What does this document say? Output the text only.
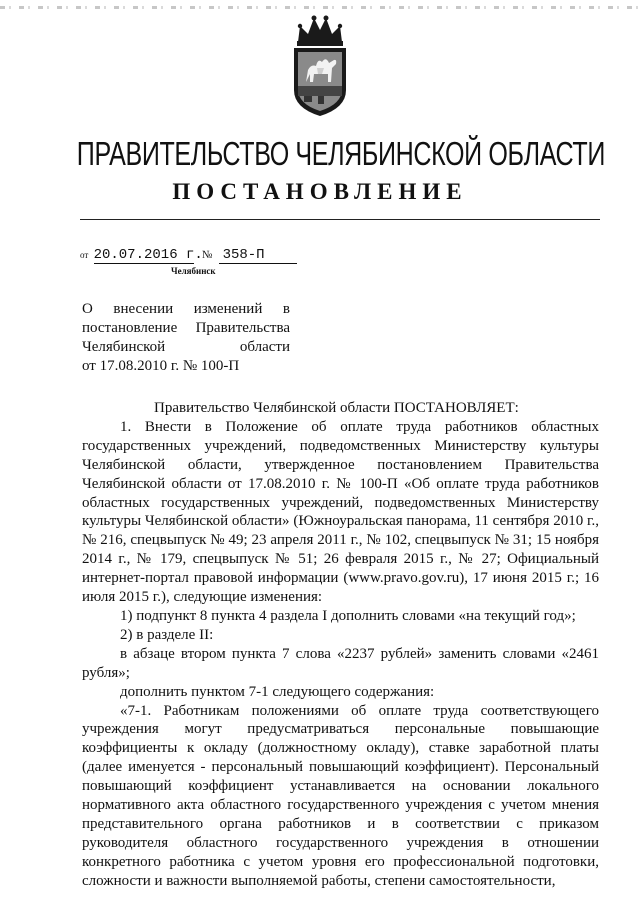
ПРАВИТЕЛЬСТВО ЧЕЛЯБИНСКОЙ ОБЛАСТИ
ПОСТАНОВЛЕНИЕ
от 20.07.2016 г. № 358-П
Челябинск
О внесении изменений в
постановление Правительства
Челябинской области
от 17.08.2010 г. № 100-П

Правительство Челябинской области ПОСТАНОВЛЯЕТ:

1. Внести в Положение об оплате труда работников областных государственных учреждений, подведомственных Министерству культуры Челябинской области, утвержденное постановлением Правительства Челябинской области от 17.08.2010 г. № 100-П «Об оплате труда работников областных государственных учреждений, подведомственных Министерству культуры Челябинской области» (Южноуральская панорама, 11 сентября 2010 г., № 216, спецвыпуск № 49; 23 апреля 2011 г., № 102, спецвыпуск № 31; 15 ноября 2014 г., № 179, спецвыпуск № 51; 26 февраля 2015 г., № 27; Официальный интернет-портал правовой информации (www.pravo.gov.ru), 17 июня 2015 г.; 16 июля 2015 г.), следующие изменения:

1) подпункт 8 пункта 4 раздела I дополнить словами «на текущий год»;

2) в разделе II:

в абзаце втором пункта 7 слова «2237 рублей» заменить словами «2461 рубля»;

дополнить пунктом 7-1 следующего содержания:

«7-1. Работникам положениями об оплате труда соответствующего учреждения могут предусматриваться персональные повышающие коэффициенты к окладу (должностному окладу), ставке заработной платы (далее именуется - персональный повышающий коэффициент). Персональный повышающий коэффициент устанавливается на основании локального нормативного акта областного государственного учреждения с учетом мнения представительного органа работников и в соответствии с приказом руководителя областного государственного учреждения в отношении конкретного работника с учетом уровня его профессиональной подготовки, сложности и важности выполняемой работы, степени самостоятельности,
